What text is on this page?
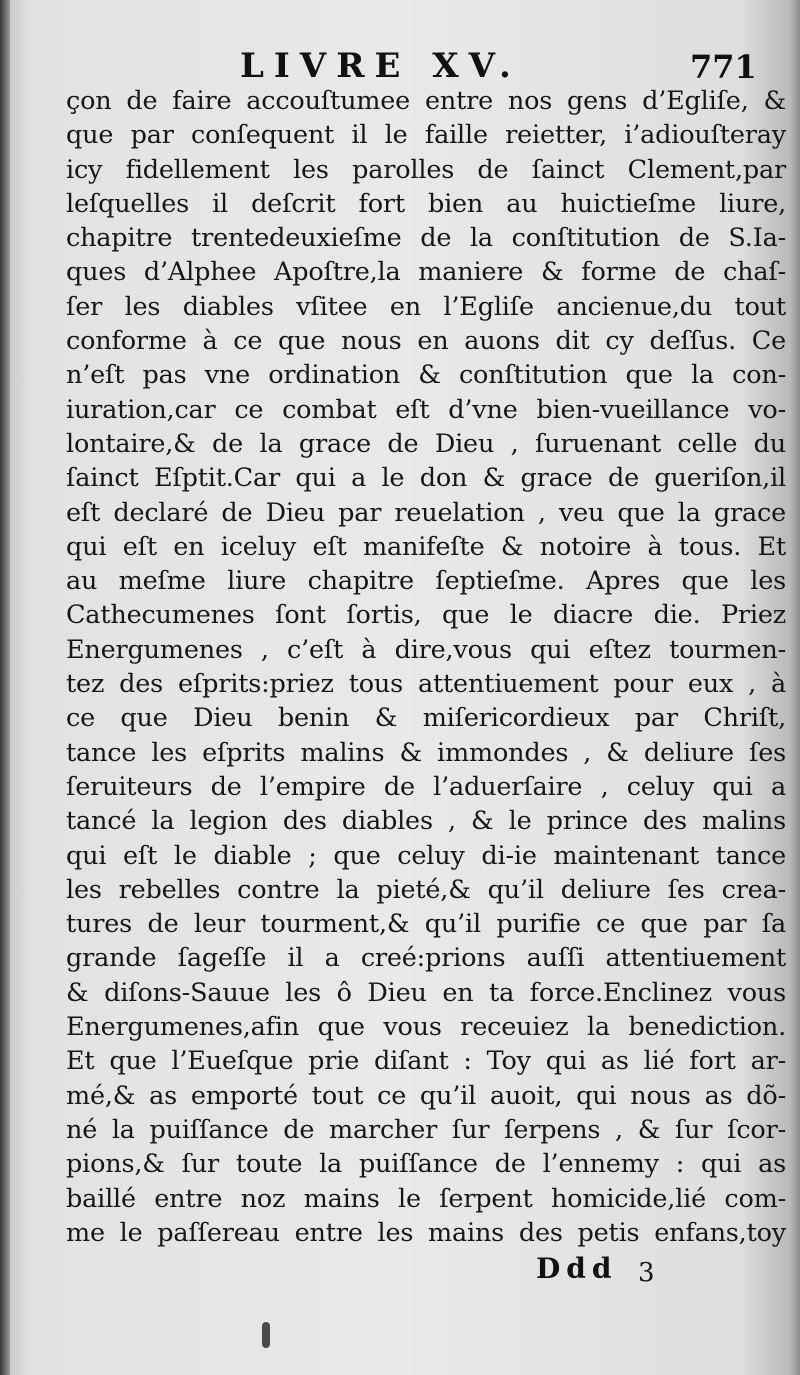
LIVRE XV.	771
çon de faire accouſtumee entre nos gens d’Egliſe, &
que par conſequent il le faille reietter, i’adiouſteray
icy fidellement les parolles de ſainct Clement,par
leſquelles il deſcrit fort bien au huictieſme liure,
chapitre trentedeuxieſme de la conſtitution de S.Ia-
ques d’Alphee Apoſtre,la maniere & forme de chaſ-
ſer les diables vſitee en l’Egliſe ancienue,du tout
conforme à ce que nous en auons dit cy deſſus. Ce
n’eſt pas vne ordination & conſtitution que la con-
iuration,car ce combat eſt d’vne bien-vueillance vo-
lontaire,& de la grace de Dieu , ſuruenant celle du
ſainct Eſptit.Car qui a le don & grace de gueriſon,il
eſt declaré de Dieu par reuelation , veu que la grace
qui eſt en iceluy eſt manifeſte & notoire à tous. Et
au meſme liure chapitre ſeptieſme. Apres que les
Cathecumenes ſont ſortis, que le diacre die. Priez
Energumenes , c’eſt à dire,vous qui eſtez tourmen-
tez des eſprits:priez tous attentiuement pour eux , à
ce que Dieu benin & miſericordieux par Chriſt,
tance les eſprits malins & immondes , & deliure ſes
ſeruiteurs de l’empire de l’aduerſaire , celuy qui a
tancé la legion des diables , & le prince des malins
qui eſt le diable ; que celuy di-ie maintenant tance
les rebelles contre la pieté,& qu’il deliure ſes crea-
tures de leur tourment,& qu’il purifie ce que par ſa
grande ſageſſe il a creé:prions auſſi attentiuement
& diſons-Sauue les ô Dieu en ta force.Enclinez vous
Energumenes,afin que vous receuiez la benediction.
Et que l’Eueſque prie diſant : Toy qui as lié fort ar-
mé,& as emporté tout ce qu’il auoit, qui nous as dõ-
né la puiſſance de marcher ſur ſerpens , & ſur ſcor-
pions,& ſur toute la puiſſance de l’ennemy : qui as
baillé entre noz mains le ſerpent homicide,lié com-
me le paſſereau entre les mains des petis enfans,toy
Ddd 3
